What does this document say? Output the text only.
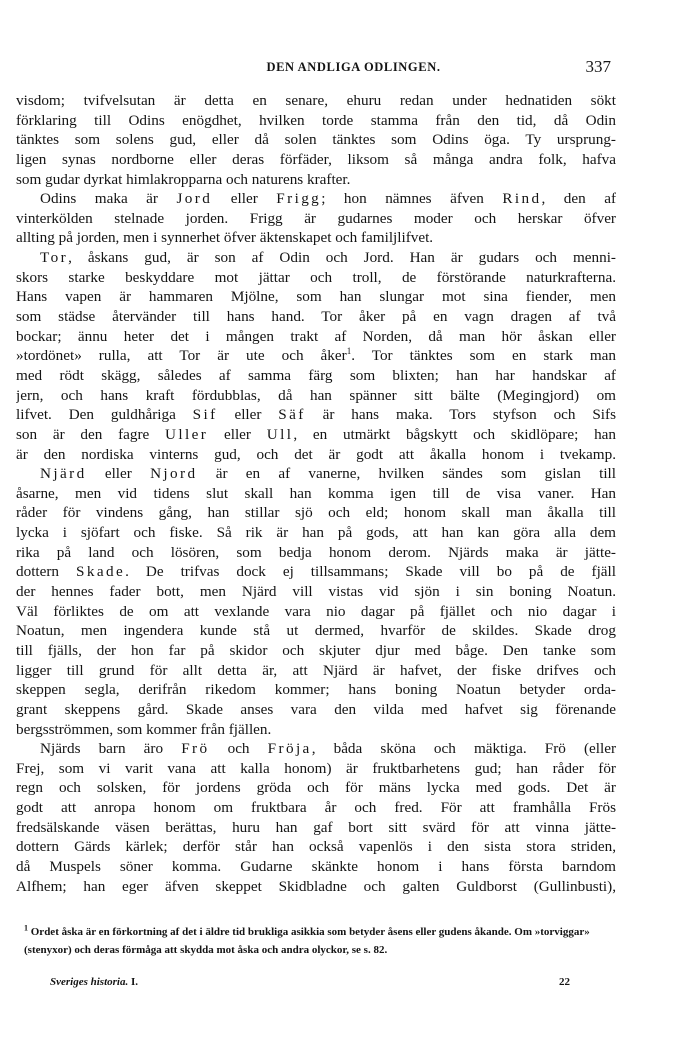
DEN ANDLIGA ODLINGEN.	337
visdom; tvifvelsutan är detta en senare, ehuru redan under hednatiden sökt
förklaring till Odins enögdhet, hvilken torde stamma från den tid, då Odin
tänktes som solens gud, eller då solen tänktes som Odins öga. Ty ursprung-
ligen synas nordborne eller deras förfäder, liksom så många andra folk, hafva
som gudar dyrkat himlakropparna och naturens krafter.
Odins maka är Jord eller Frigg; hon nämnes äfven Rind, den af
vinterkölden stelnade jorden. Frigg är gudarnes moder och herskar öfver
allting på jorden, men i synnerhet öfver äktenskapet och familjlifvet.
Tor, åskans gud, är son af Odin och Jord. Han är gudars och menni-
skors starke beskyddare mot jättar och troll, de förstörande naturkrafterna.
Hans vapen är hammaren Mjölne, som han slungar mot sina fiender, men
som städse återvänder till hans hand. Tor åker på en vagn dragen af två
bockar; ännu heter det i mången trakt af Norden, då man hör åskan eller
»tordönet» rulla, att Tor är ute och åker$^1$. Tor tänktes som en stark man
med rödt skägg, således af samma färg som blixten; han har handskar af
jern, och hans kraft fördubblas, då han spänner sitt bälte (Megingjord) om
lifvet. Den guldhåriga Sif eller Säf är hans maka. Tors styfson och Sifs
son är den fagre Uller eller Ull, en utmärkt bågskytt och skidlöpare; han
är den nordiska vinterns gud, och det är godt att åkalla honom i tvekamp.
Njärd eller Njord är en af vanerne, hvilken sändes som gislan till
åsarne, men vid tidens slut skall han komma igen till de visa vaner. Han
råder för vindens gång, han stillar sjö och eld; honom skall man åkalla till
lycka i sjöfart och fiske. Så rik är han på gods, att han kan göra alla dem
rika på land och lösören, som bedja honom derom. Njärds maka är jätte-
dottern Skade. De trifvas dock ej tillsammans; Skade vill bo på de fjäll
der hennes fader bott, men Njärd vill vistas vid sjön i sin boning Noatun.
Väl förliktes de om att vexlande vara nio dagar på fjället och nio dagar i
Noatun, men ingendera kunde stå ut dermed, hvarför de skildes. Skade drog
till fjälls, der hon far på skidor och skjuter djur med båge. Den tanke som
ligger till grund för allt detta är, att Njärd är hafvet, der fiske drifves och
skeppen segla, derifrån rikedom kommer; hans boning Noatun betyder orda-
grant skeppens gård. Skade anses vara den vilda med hafvet sig förenande
bergsströmmen, som kommer från fjällen.
Njärds barn äro Frö och Fröja, båda sköna och mäktiga. Frö (eller
Frej, som vi varit vana att kalla honom) är fruktbarhetens gud; han råder för
regn och solsken, för jordens gröda och för mäns lycka med gods. Det är
godt att anropa honom om fruktbara år och fred. För att framhålla Frös
fredsälskande väsen berättas, huru han gaf bort sitt svärd för att vinna jätte-
dottern Gärds kärlek; derför står han också vapenlös i den sista stora striden,
då Muspels söner komma. Gudarne skänkte honom i hans första barndom
Alfhem; han eger äfven skeppet Skidbladne och galten Guldborst (Gullinbusti),
$^1$ Ordet åska är en förkortning af det i äldre tid brukliga asikkia som betyder åsens eller gudens åkande. Om »torviggar» (stenyxor) och deras förmåga att skydda mot åska och andra olyckor, se s. 82.
Sveriges historia. I.	22
